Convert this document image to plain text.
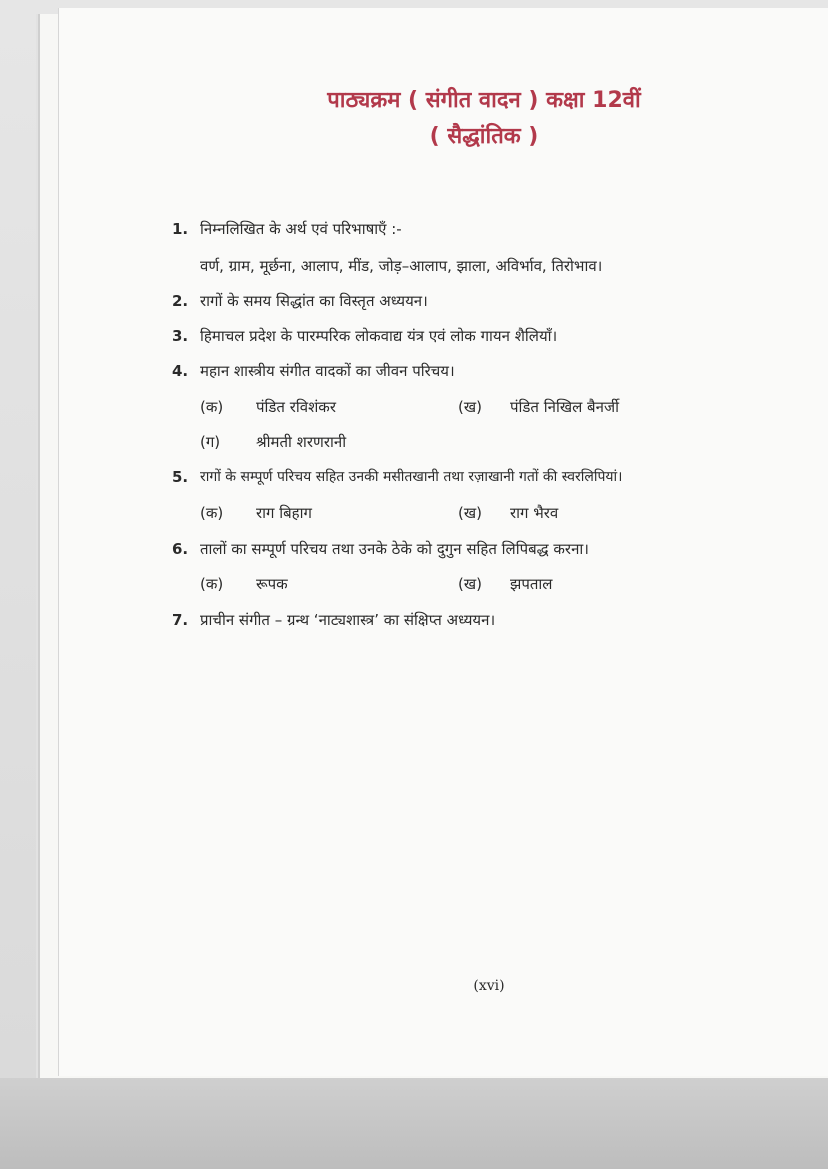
पाठ्यक्रम ( संगीत वादन ) कक्षा 12वीं
( सैद्धांतिक )
1. निम्नलिखित के अर्थ एवं परिभाषाएँ :-
वर्ण, ग्राम, मूर्छना, आलाप, मींड, जोड़–आलाप, झाला, अविर्भाव, तिरोभाव।
2. रागों के समय सिद्धांत का विस्तृत अध्ययन।
3. हिमाचल प्रदेश के पारम्परिक लोकवाद्य यंत्र एवं लोक गायन शैलियाँ।
4. महान शास्त्रीय संगीत वादकों का जीवन परिचय।
(क) पंडित रविशंकर	(ख) पंडित निखिल बैनर्जी
(ग) श्रीमती शरणरानी
5. रागों के सम्पूर्ण परिचय सहित उनकी मसीतखानी तथा रज़ाखानी गतों की स्वरलिपियां।
(क) राग बिहाग	(ख) राग भैरव
6. तालों का सम्पूर्ण परिचय तथा उनके ठेके को दुगुन सहित लिपिबद्ध करना।
(क) रूपक	(ख) झपताल
7. प्राचीन संगीत – ग्रन्थ ‘नाट्यशास्त्र’ का संक्षिप्त अध्ययन।
(xvi)
